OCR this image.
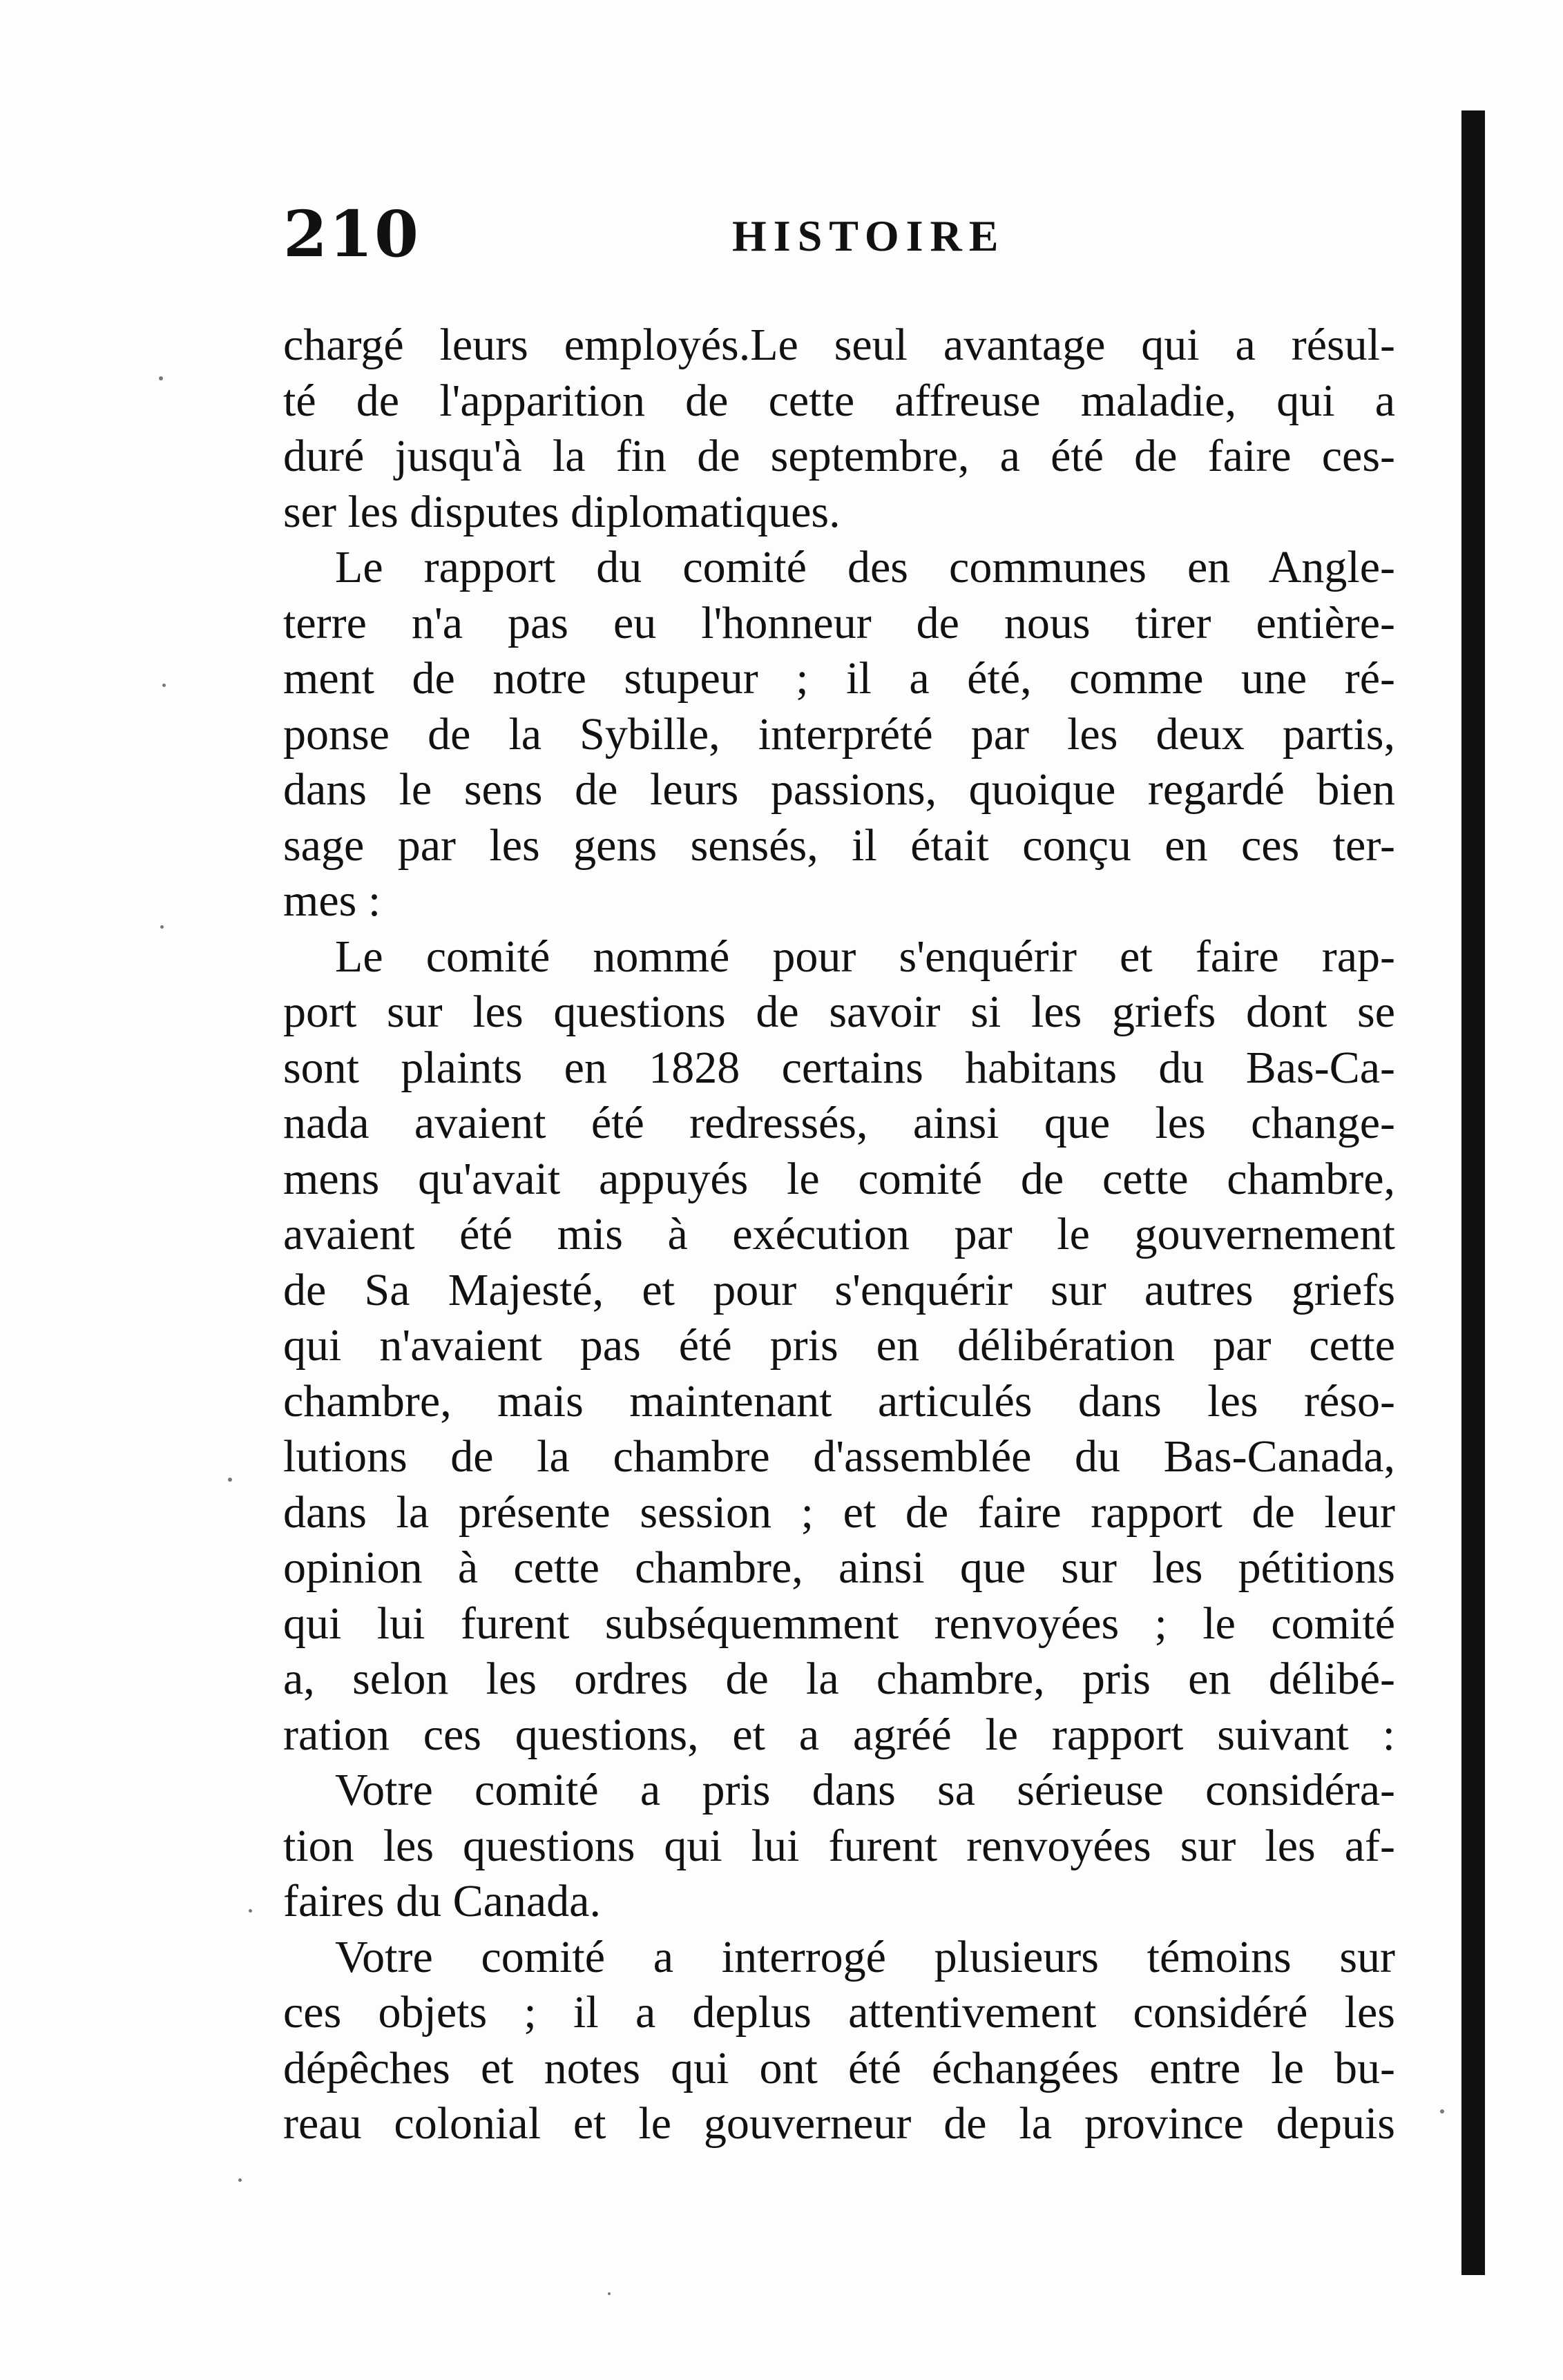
210	HISTOIRE
chargé leurs employés.Le seul avantage qui a résul-
té de l'apparition de cette affreuse maladie, qui a
duré jusqu'à la fin de septembre, a été de faire ces-
ser les disputes diplomatiques.
Le rapport du comité des communes en Angle-
terre n'a pas eu l'honneur de nous tirer entière-
ment de notre stupeur ; il a été, comme une ré-
ponse de la Sybille, interprété par les deux partis,
dans le sens de leurs passions, quoique regardé bien
sage par les gens sensés, il était conçu en ces ter-
mes :
Le comité nommé pour s'enquérir et faire rap-
port sur les questions de savoir si les griefs dont se
sont plaints en 1828 certains habitans du Bas-Ca-
nada avaient été redressés, ainsi que les change-
mens qu'avait appuyés le comité de cette chambre,
avaient été mis à exécution par le gouvernement
de Sa Majesté, et pour s'enquérir sur autres griefs
qui n'avaient pas été pris en délibération par cette
chambre, mais maintenant articulés dans les réso-
lutions de la chambre d'assemblée du Bas-Canada,
dans la présente session ; et de faire rapport de leur
opinion à cette chambre, ainsi que sur les pétitions
qui lui furent subséquemment renvoyées ; le comité
a, selon les ordres de la chambre, pris en délibé-
ration ces questions, et a agréé le rapport suivant :
Votre comité a pris dans sa sérieuse considéra-
tion les questions qui lui furent renvoyées sur les af-
faires du Canada.
Votre comité a interrogé plusieurs témoins sur
ces objets ; il a deplus attentivement considéré les
dépêches et notes qui ont été échangées entre le bu-
reau colonial et le gouverneur de la province depuis
